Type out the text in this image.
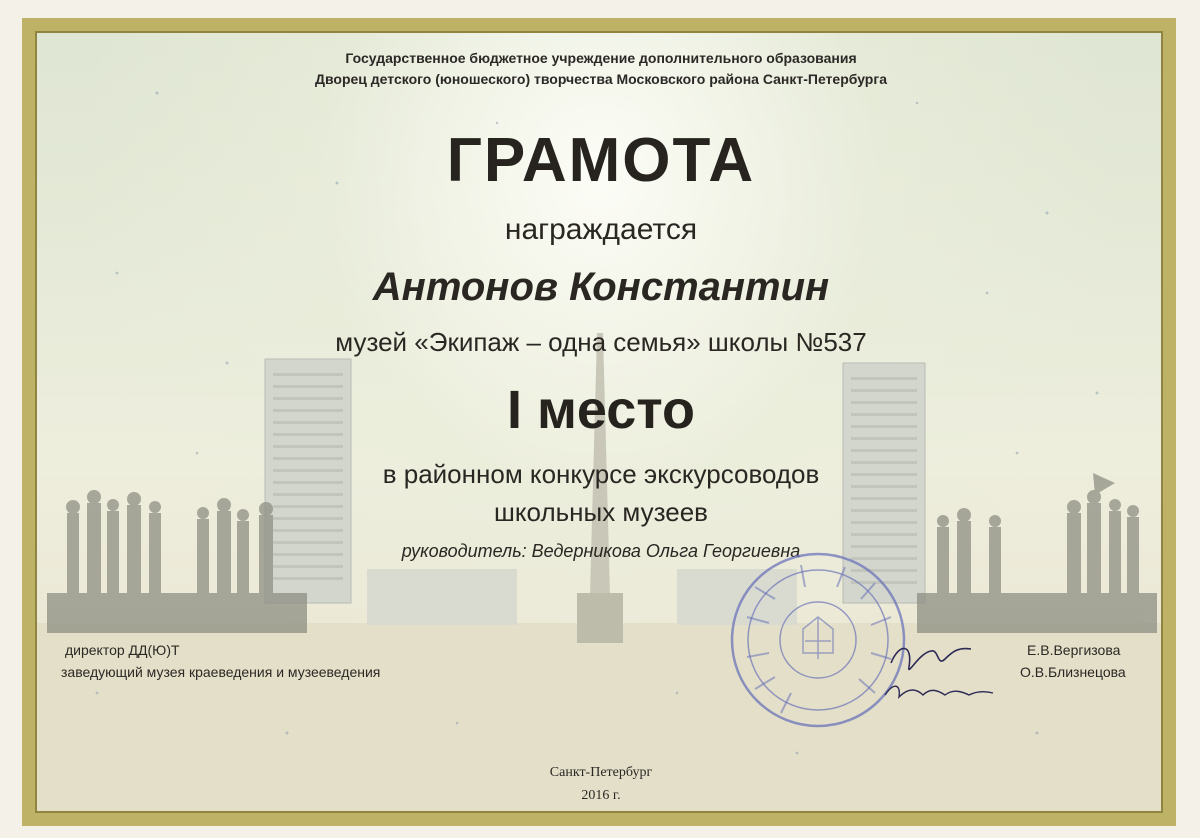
Государственное бюджетное учреждение дополнительного образования
Дворец детского (юношеского) творчества Московского района Санкт-Петербурга
ГРАМОТА
награждается
Антонов Константин
музей «Экипаж – одна семья» школы №537
I место
в районном конкурсе экскурсоводов
школьных музеев
руководитель: Ведерникова Ольга Георгиевна
директор ДД(Ю)Т
заведующий музея краеведения и музееведения
Е.В.Вергизова
О.В.Близнецова
Санкт-Петербург
2016 г.
